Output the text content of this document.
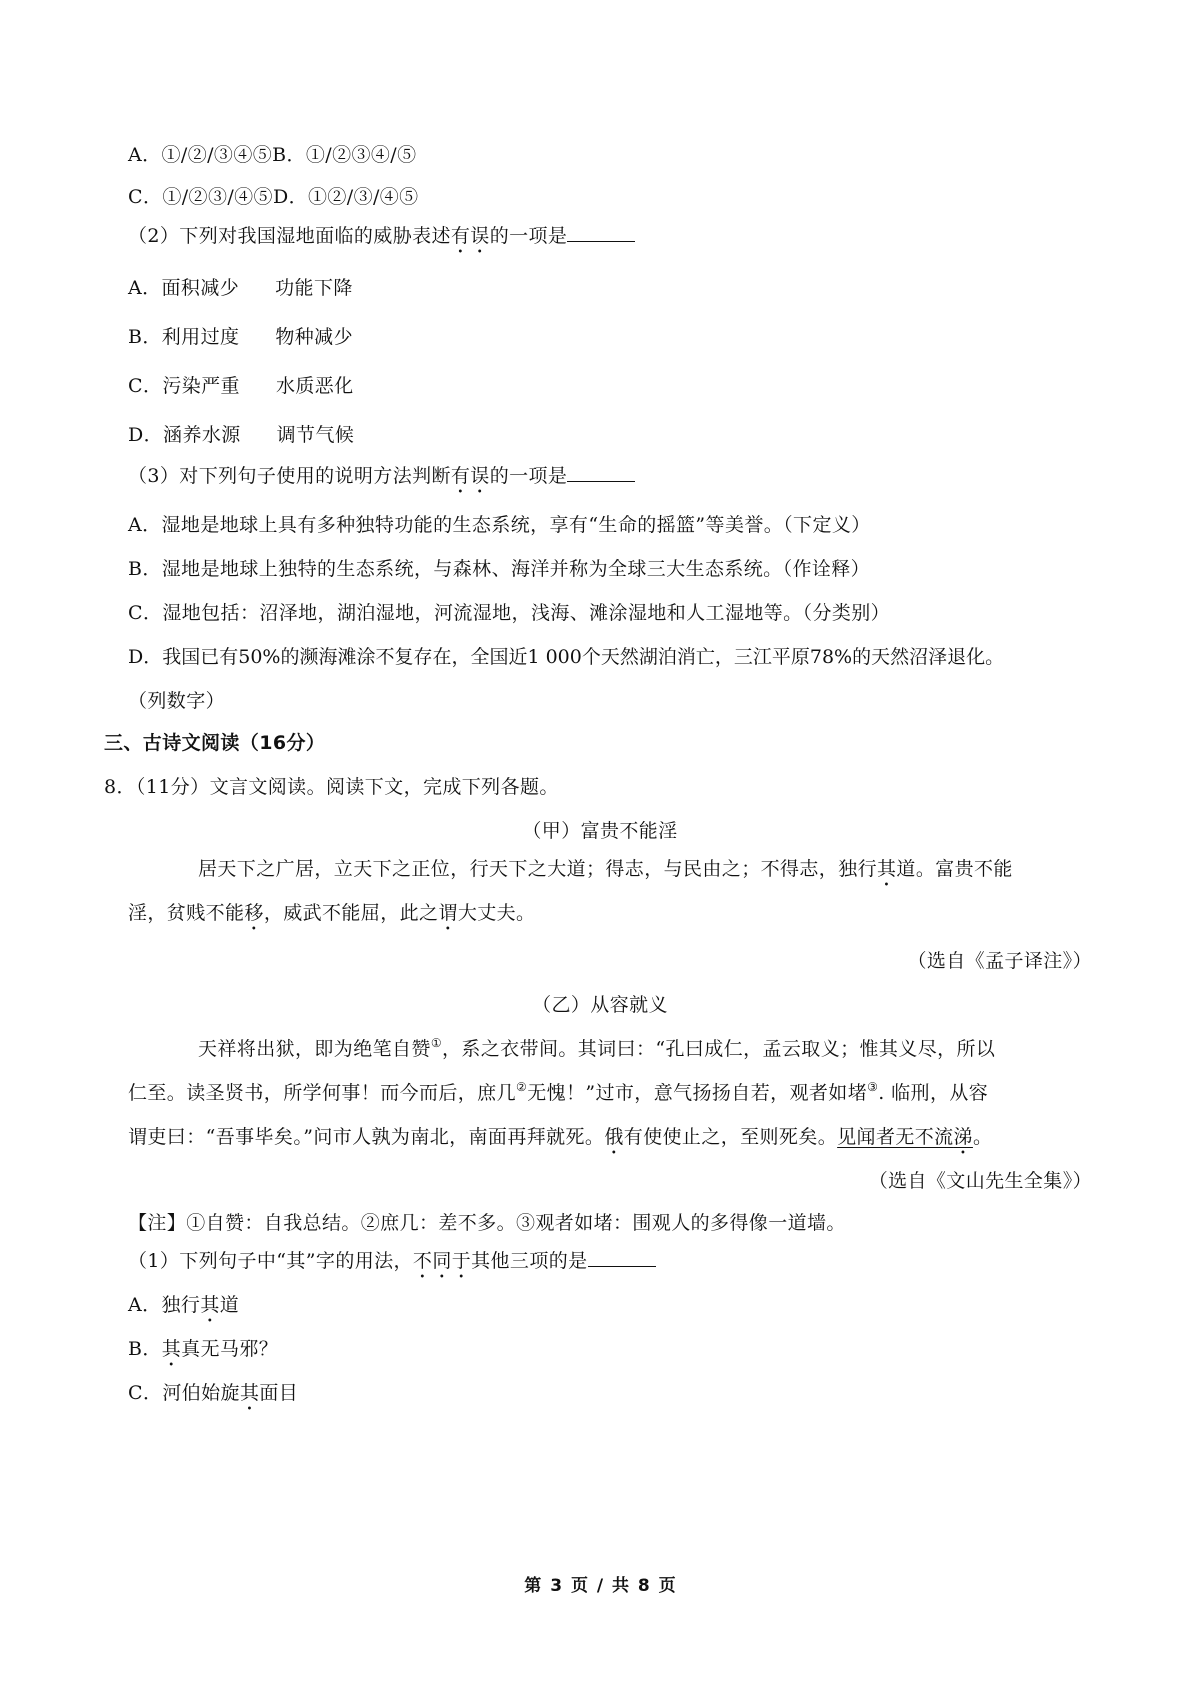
A．①/②/③④⑤B．①/②③④/⑤
C．①/②③/④⑤D．①②/③/④⑤
（2）下列对我国湿地面临的威胁表述有误的一项是
A．面积减少 功能下降
B．利用过度 物种减少
C．污染严重 水质恶化
D．涵养水源 调节气候
（3）对下列句子使用的说明方法判断有误的一项是
A．湿地是地球上具有多种独特功能的生态系统，享有“生命的摇篮”等美誉。（下定义）
B．湿地是地球上独特的生态系统，与森林、海洋并称为全球三大生态系统。（作诠释）
C．湿地包括：沼泽地，湖泊湿地，河流湿地，浅海、滩涂湿地和人工湿地等。（分类别）
D．我国已有50%的濒海滩涂不复存在，全国近1 000个天然湖泊消亡，三江平原78%的天然沼泽退化。
（列数字）
三、古诗文阅读（16分）
8．（11分）文言文阅读。阅读下文，完成下列各题。
（甲）富贵不能淫
居天下之广居，立天下之正位，行天下之大道；得志，与民由之；不得志，独行其道。富贵不能
淫，贫贱不能移，威武不能屈，此之谓大丈夫。
（选自《孟子译注》）
（乙）从容就义
天祥将出狱，即为绝笔自赞①，系之衣带间。其词曰：“孔曰成仁，孟云取义；惟其义尽，所以
仁至。读圣贤书，所学何事！而今而后，庶几②无愧！”过市，意气扬扬自若，观者如堵③. 临刑，从容
谓吏曰：“吾事毕矣。”问市人孰为南北，南面再拜就死。俄有使使止之，至则死矣。见闻者无不流涕。
（选自《文山先生全集》）
【注】①自赞：自我总结。②庶几：差不多。③观者如堵：围观人的多得像一道墙。
（1）下列句子中“其”字的用法，不同于其他三项的是
A．独行其道
B．其真无马邪？
C．河伯始旋其面目
第 3 页 / 共 8 页
